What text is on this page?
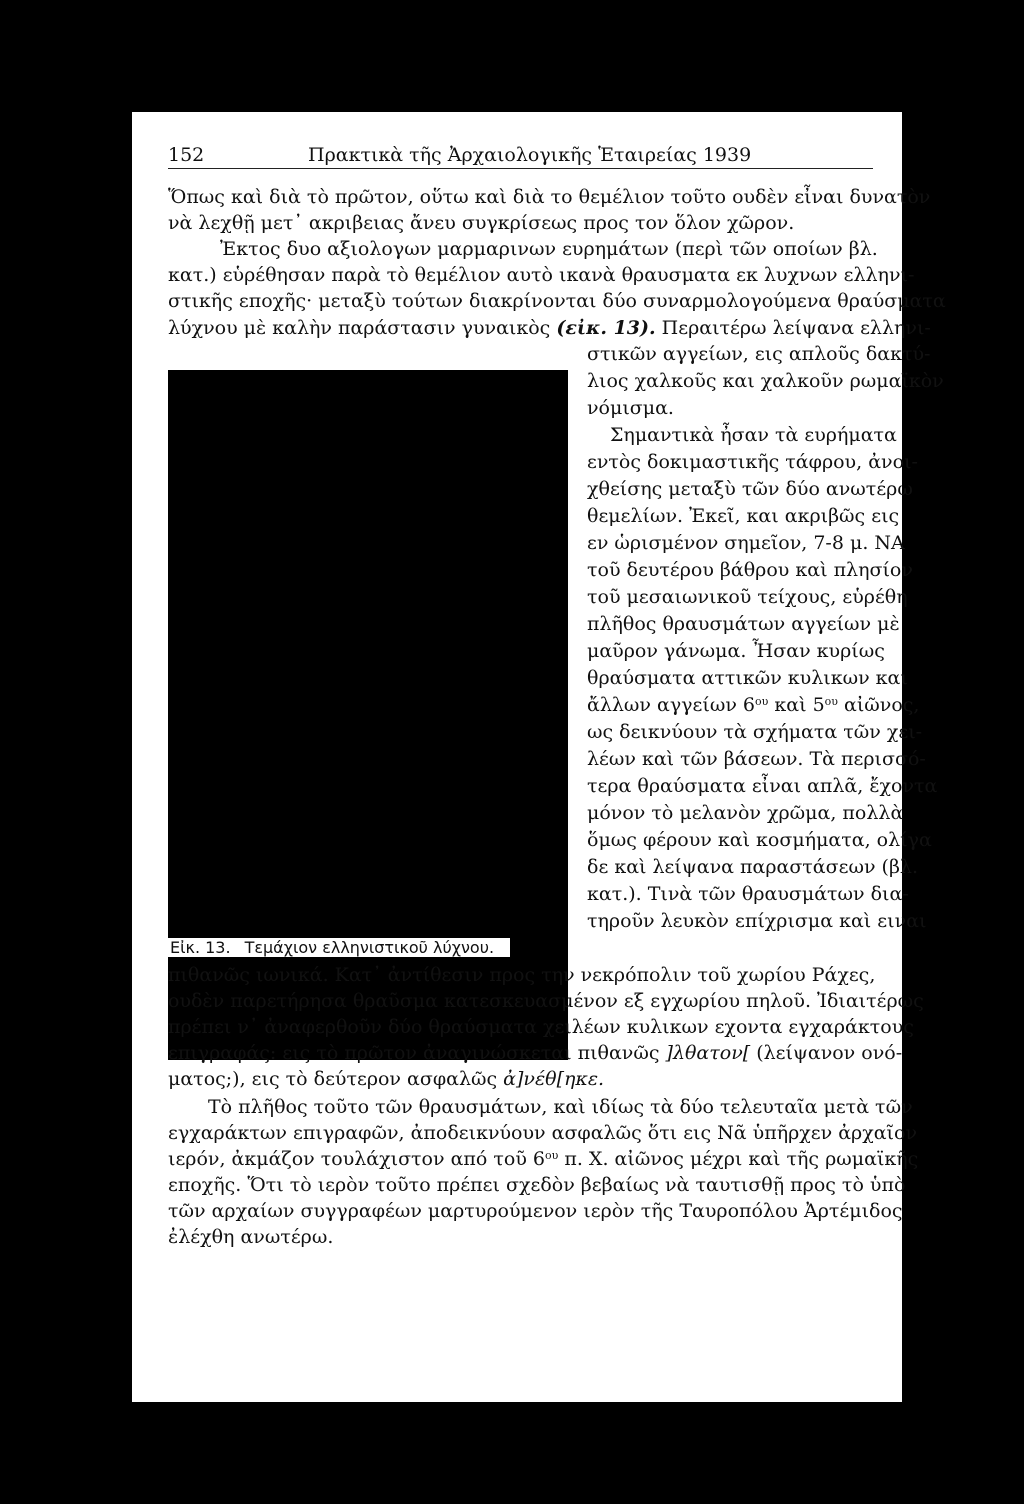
152	Πρακτικὰ τῆς Ἀρχαιολογικῆς Ἑταιρείας 1939
Ὅπως καὶ διὰ τὸ πρῶτον, οὕτω καὶ διὰ το θεμέλιον τοῦτο ουδὲν εἶναι δυνατὸν
νὰ λεχθῇ μετ᾽ ακριβειας ἄνευ συγκρίσεως προς τον ὅλον χῶρον.
Ἐκτος δυο αξιολογων μαρμαρινων ευρημάτων (περὶ τῶν οποίων βλ.
κατ.) εὑρέθησαν παρὰ τὸ θεμέλιον αυτὸ ικανὰ θραυσματα εκ λυχνων ελληνι-
στικῆς εποχῆς· μεταξὺ τούτων διακρίνονται δύο συναρμολογούμενα θραύσματα
λύχνου μὲ καλὴν παράστασιν γυναικὸς (εἰκ. 13). Περαιτέρω λείψανα ελληνι-
στικῶν αγγείων, εις απλοῦς δακτύ-
λιος χαλκοῦς και χαλκοῦν ρωμαϊκὸν
νόμισμα.
Σημαντικὰ ἦσαν τὰ ευρήματα
εντὸς δοκιμαστικῆς τάφρου, ἀνοι-
χθείσης μεταξὺ τῶν δύο ανωτέρω
θεμελίων. Ἐκεῖ, και ακριβῶς εις
εν ὡρισμένον σημεῖον, 7-8 μ. ΝΑ
τοῦ δευτέρου βάθρου καὶ πλησίον
τοῦ μεσαιωνικοῦ τείχους, εὑρέθη
πλῆθος θραυσμάτων αγγείων μὲ
μαῦρον γάνωμα. Ἦσαν κυρίως
θραύσματα αττικῶν κυλικων και
ἄλλων αγγείων $6^{o\upsilon}$ καὶ $5^{o\upsilon}$ αἰῶνος,
ως δεικνύουν τὰ σχήματα τῶν χει-
λέων καὶ τῶν βάσεων. Τὰ περισσό-
τερα θραύσματα εἶναι απλᾶ, ἔχοντα
μόνον τὸ μελανὸν χρῶμα, πολλὰ
ὅμως φέρουν καὶ κοσμήματα, ολίγα
δε καὶ λείψανα παραστάσεων (βλ.
κατ.). Τινὰ τῶν θραυσμάτων δια-
τηροῦν λευκὸν επίχρισμα καὶ ειναι
Εἰκ. 13. Τεμάχιον ελληνιστικοῦ λύχνου.
πιθανῶς ιωνικά. Κατ᾽ ἀντίθεσιν προς την νεκρόπολιν τοῦ χωρίου Ράχες,
ουδὲν παρετήρησα θραῦσμα κατεσκευασμένον εξ εγχωρίου πηλοῦ. Ἰδιαιτέρως
πρέπει ν᾽ ἀναφερθοῦν δύο θραύσματα χειλέων κυλικων εχοντα εγχαράκτους
επιγραφάς: εις τὸ πρῶτον ἀναγινώσκεται πιθανῶς ]λθατον[ (λείψανον ονό-
ματος;), εις τὸ δεύτερον ασφαλῶς ἀ]νέθ[ηκε.
Τὸ πλῆθος τοῦτο τῶν θραυσμάτων, καὶ ιδίως τὰ δύο τελευταῖα μετὰ τῶν
εγχαράκτων επιγραφῶν, ἀποδεικνύουν ασφαλῶς ὅτι εις Νᾶ ὑπῆρχεν ἀρχαῖον
ιερόν, ἀκμάζον τουλάχιστον από τοῦ $6^{o\upsilon}$ π. Χ. αἰῶνος μέχρι καὶ τῆς ρωμαϊκῆς
εποχῆς. Ὅτι τὸ ιερὸν τοῦτο πρέπει σχεδὸν βεβαίως νὰ ταυτισθῇ προς τὸ ὑπὸ
τῶν αρχαίων συγγραφέων μαρτυρούμενον ιερὸν τῆς Ταυροπόλου Ἀρτέμιδος
ἐλέχθη ανωτέρω.
